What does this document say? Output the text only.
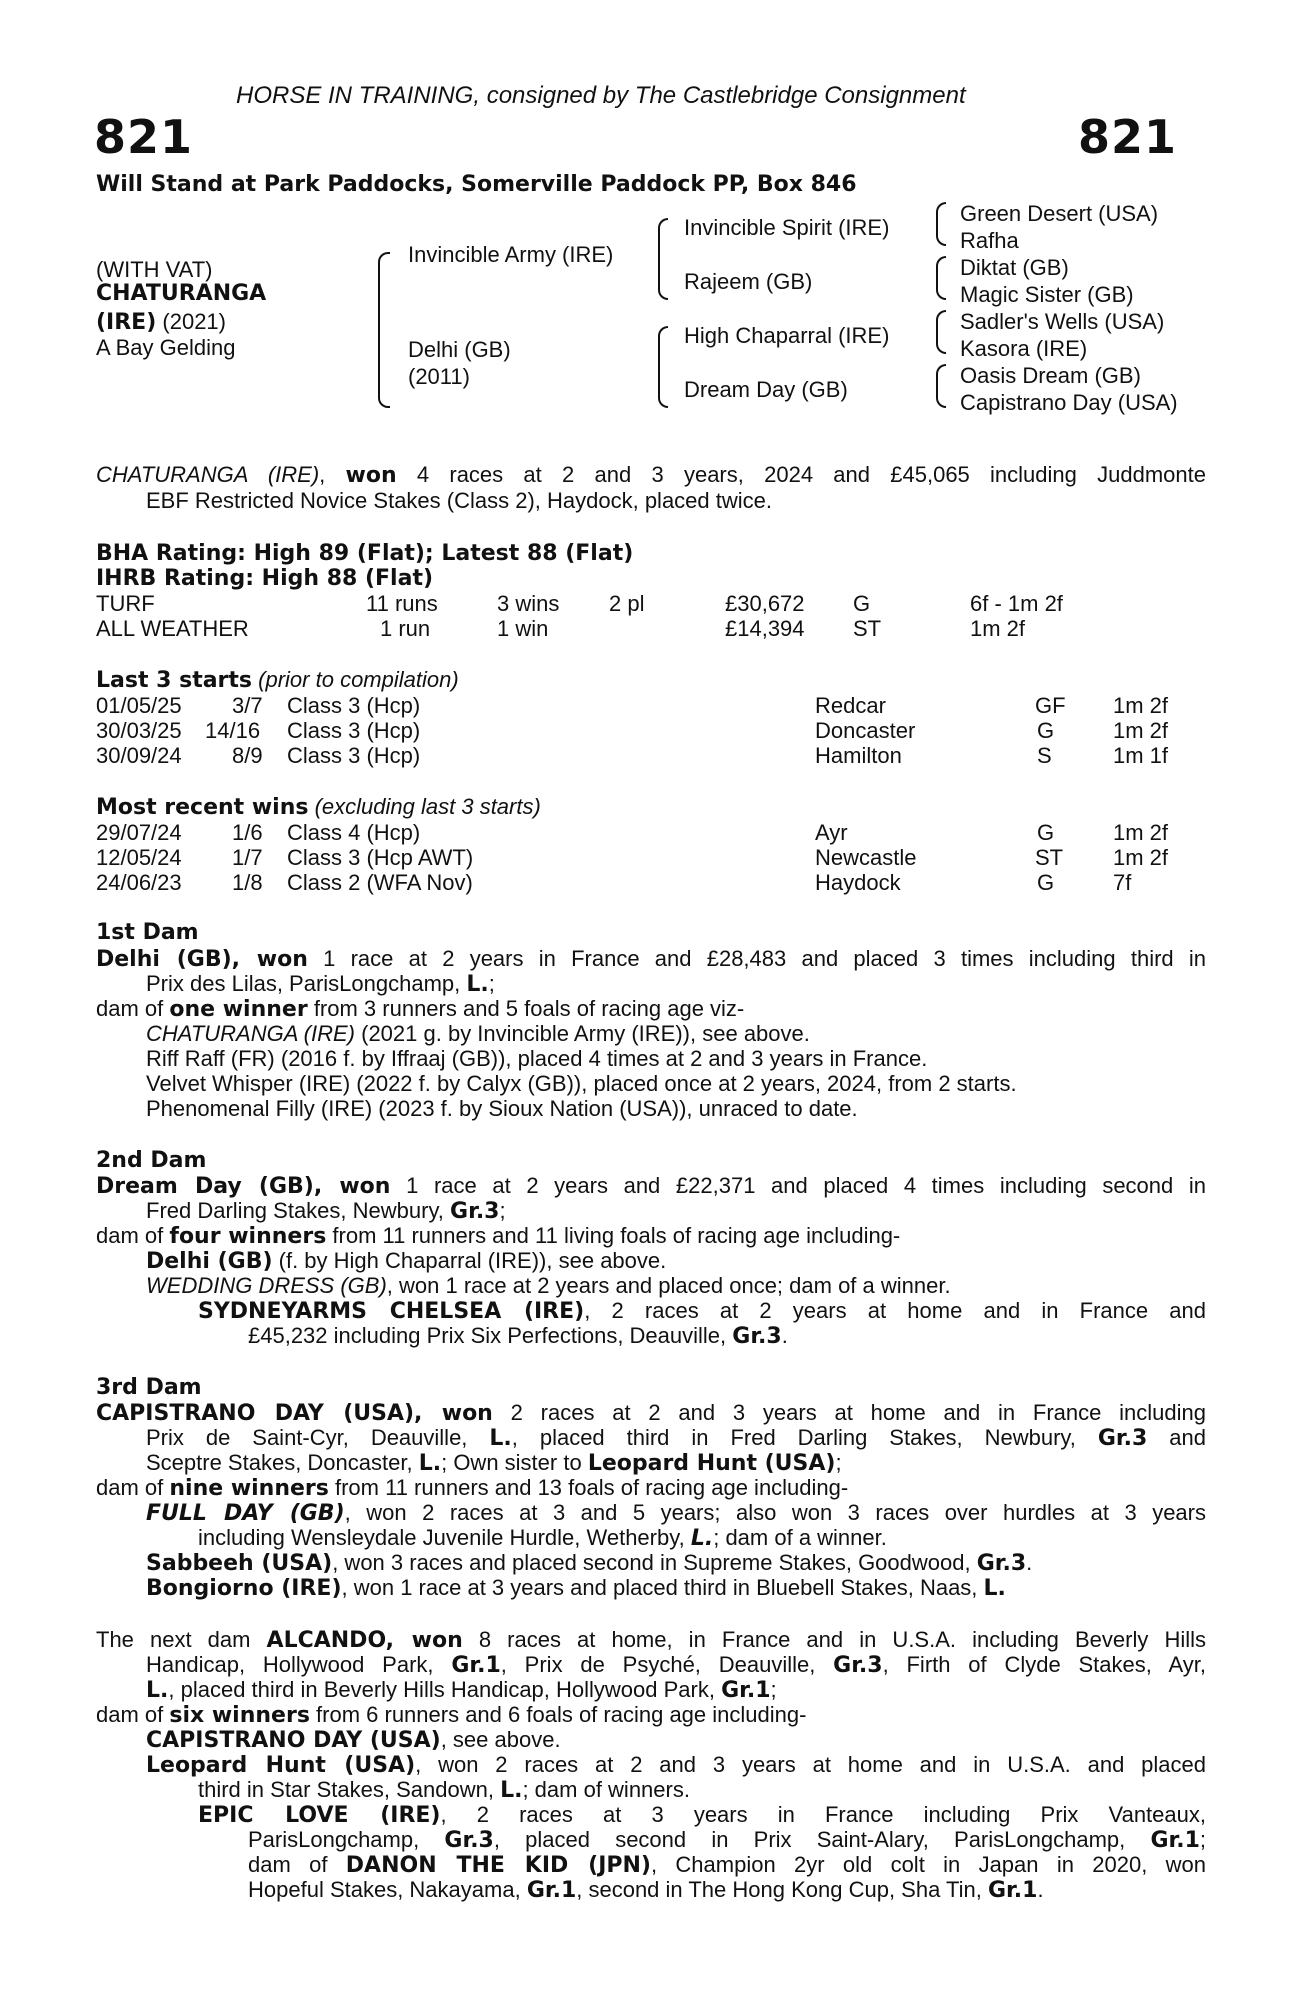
HORSE IN TRAINING, consigned by The Castlebridge Consignment
821	821
Will Stand at Park Paddocks, Somerville Paddock PP, Box 846
(WITH VAT)
CHATURANGA
(IRE) (2021)
A Bay Gelding
Invincible Army (IRE)
Delhi (GB)
(2011)
Invincible Spirit (IRE)
Rajeem (GB)
High Chaparral (IRE)
Dream Day (GB)
Green Desert (USA)
Rafha
Diktat (GB)
Magic Sister (GB)
Sadler's Wells (USA)
Kasora (IRE)
Oasis Dream (GB)
Capistrano Day (USA)
CHATURANGA (IRE), won 4 races at 2 and 3 years, 2024 and £45,065 including Juddmonte
EBF Restricted Novice Stakes (Class 2), Haydock, placed twice.
BHA Rating: High 89 (Flat); Latest 88 (Flat)
IHRB Rating: High 88 (Flat)
TURF	11 runs	3 wins 2 pl	£30,672 G	6f - 1m 2f
ALL WEATHER	1 run	1 win	£14,394 ST	1m 2f
Last 3 starts (prior to compilation)
01/05/25 3/7 Class 3 (Hcp)	Redcar	GF 1m 2f
30/03/25 14/16 Class 3 (Hcp)	Doncaster	G	1m 2f
30/09/24 8/9 Class 3 (Hcp)	Hamilton	S	1m 1f
Most recent wins (excluding last 3 starts)
29/07/24 1/6 Class 4 (Hcp)	Ayr	G	1m 2f
12/05/24 1/7 Class 3 (Hcp AWT)	Newcastle	ST 1m 2f
24/06/23 1/8 Class 2 (WFA Nov)	Haydock	G	7f
1st Dam
Delhi (GB), won 1 race at 2 years in France and £28,483 and placed 3 times including third in
Prix des Lilas, ParisLongchamp, L.;
dam of one winner from 3 runners and 5 foals of racing age viz-
CHATURANGA (IRE) (2021 g. by Invincible Army (IRE)), see above.
Riff Raff (FR) (2016 f. by Iffraaj (GB)), placed 4 times at 2 and 3 years in France.
Velvet Whisper (IRE) (2022 f. by Calyx (GB)), placed once at 2 years, 2024, from 2 starts.
Phenomenal Filly (IRE) (2023 f. by Sioux Nation (USA)), unraced to date.
2nd Dam
Dream Day (GB), won 1 race at 2 years and £22,371 and placed 4 times including second in
Fred Darling Stakes, Newbury, Gr.3;
dam of four winners from 11 runners and 11 living foals of racing age including-
Delhi (GB) (f. by High Chaparral (IRE)), see above.
WEDDING DRESS (GB), won 1 race at 2 years and placed once; dam of a winner.
SYDNEYARMS CHELSEA (IRE), 2 races at 2 years at home and in France and
£45,232 including Prix Six Perfections, Deauville, Gr.3.
3rd Dam
CAPISTRANO DAY (USA), won 2 races at 2 and 3 years at home and in France including
Prix de Saint-Cyr, Deauville, L., placed third in Fred Darling Stakes, Newbury, Gr.3 and
Sceptre Stakes, Doncaster, L.; Own sister to Leopard Hunt (USA);
dam of nine winners from 11 runners and 13 foals of racing age including-
FULL DAY (GB), won 2 races at 3 and 5 years; also won 3 races over hurdles at 3 years
including Wensleydale Juvenile Hurdle, Wetherby, L.; dam of a winner.
Sabbeeh (USA), won 3 races and placed second in Supreme Stakes, Goodwood, Gr.3.
Bongiorno (IRE), won 1 race at 3 years and placed third in Bluebell Stakes, Naas, L.
The next dam ALCANDO, won 8 races at home, in France and in U.S.A. including Beverly Hills
Handicap, Hollywood Park, Gr.1, Prix de Psyché, Deauville, Gr.3, Firth of Clyde Stakes, Ayr,
L., placed third in Beverly Hills Handicap, Hollywood Park, Gr.1;
dam of six winners from 6 runners and 6 foals of racing age including-
CAPISTRANO DAY (USA), see above.
Leopard Hunt (USA), won 2 races at 2 and 3 years at home and in U.S.A. and placed
third in Star Stakes, Sandown, L.; dam of winners.
EPIC LOVE (IRE), 2 races at 3 years in France including Prix Vanteaux,
ParisLongchamp, Gr.3, placed second in Prix Saint-Alary, ParisLongchamp, Gr.1;
dam of DANON THE KID (JPN), Champion 2yr old colt in Japan in 2020, won
Hopeful Stakes, Nakayama, Gr.1, second in The Hong Kong Cup, Sha Tin, Gr.1.
